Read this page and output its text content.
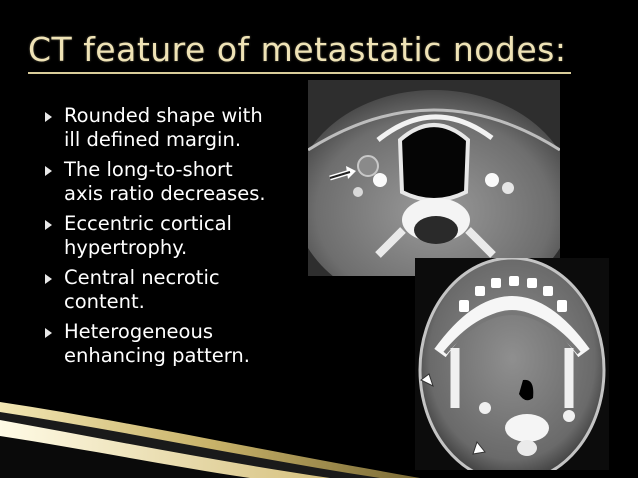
CT feature of metastatic nodes:
Rounded shape with
ill defined margin.
The long-to-short
axis ratio decreases.
Eccentric cortical
hypertrophy.
Central necrotic
content.
Heterogeneous
enhancing pattern.
